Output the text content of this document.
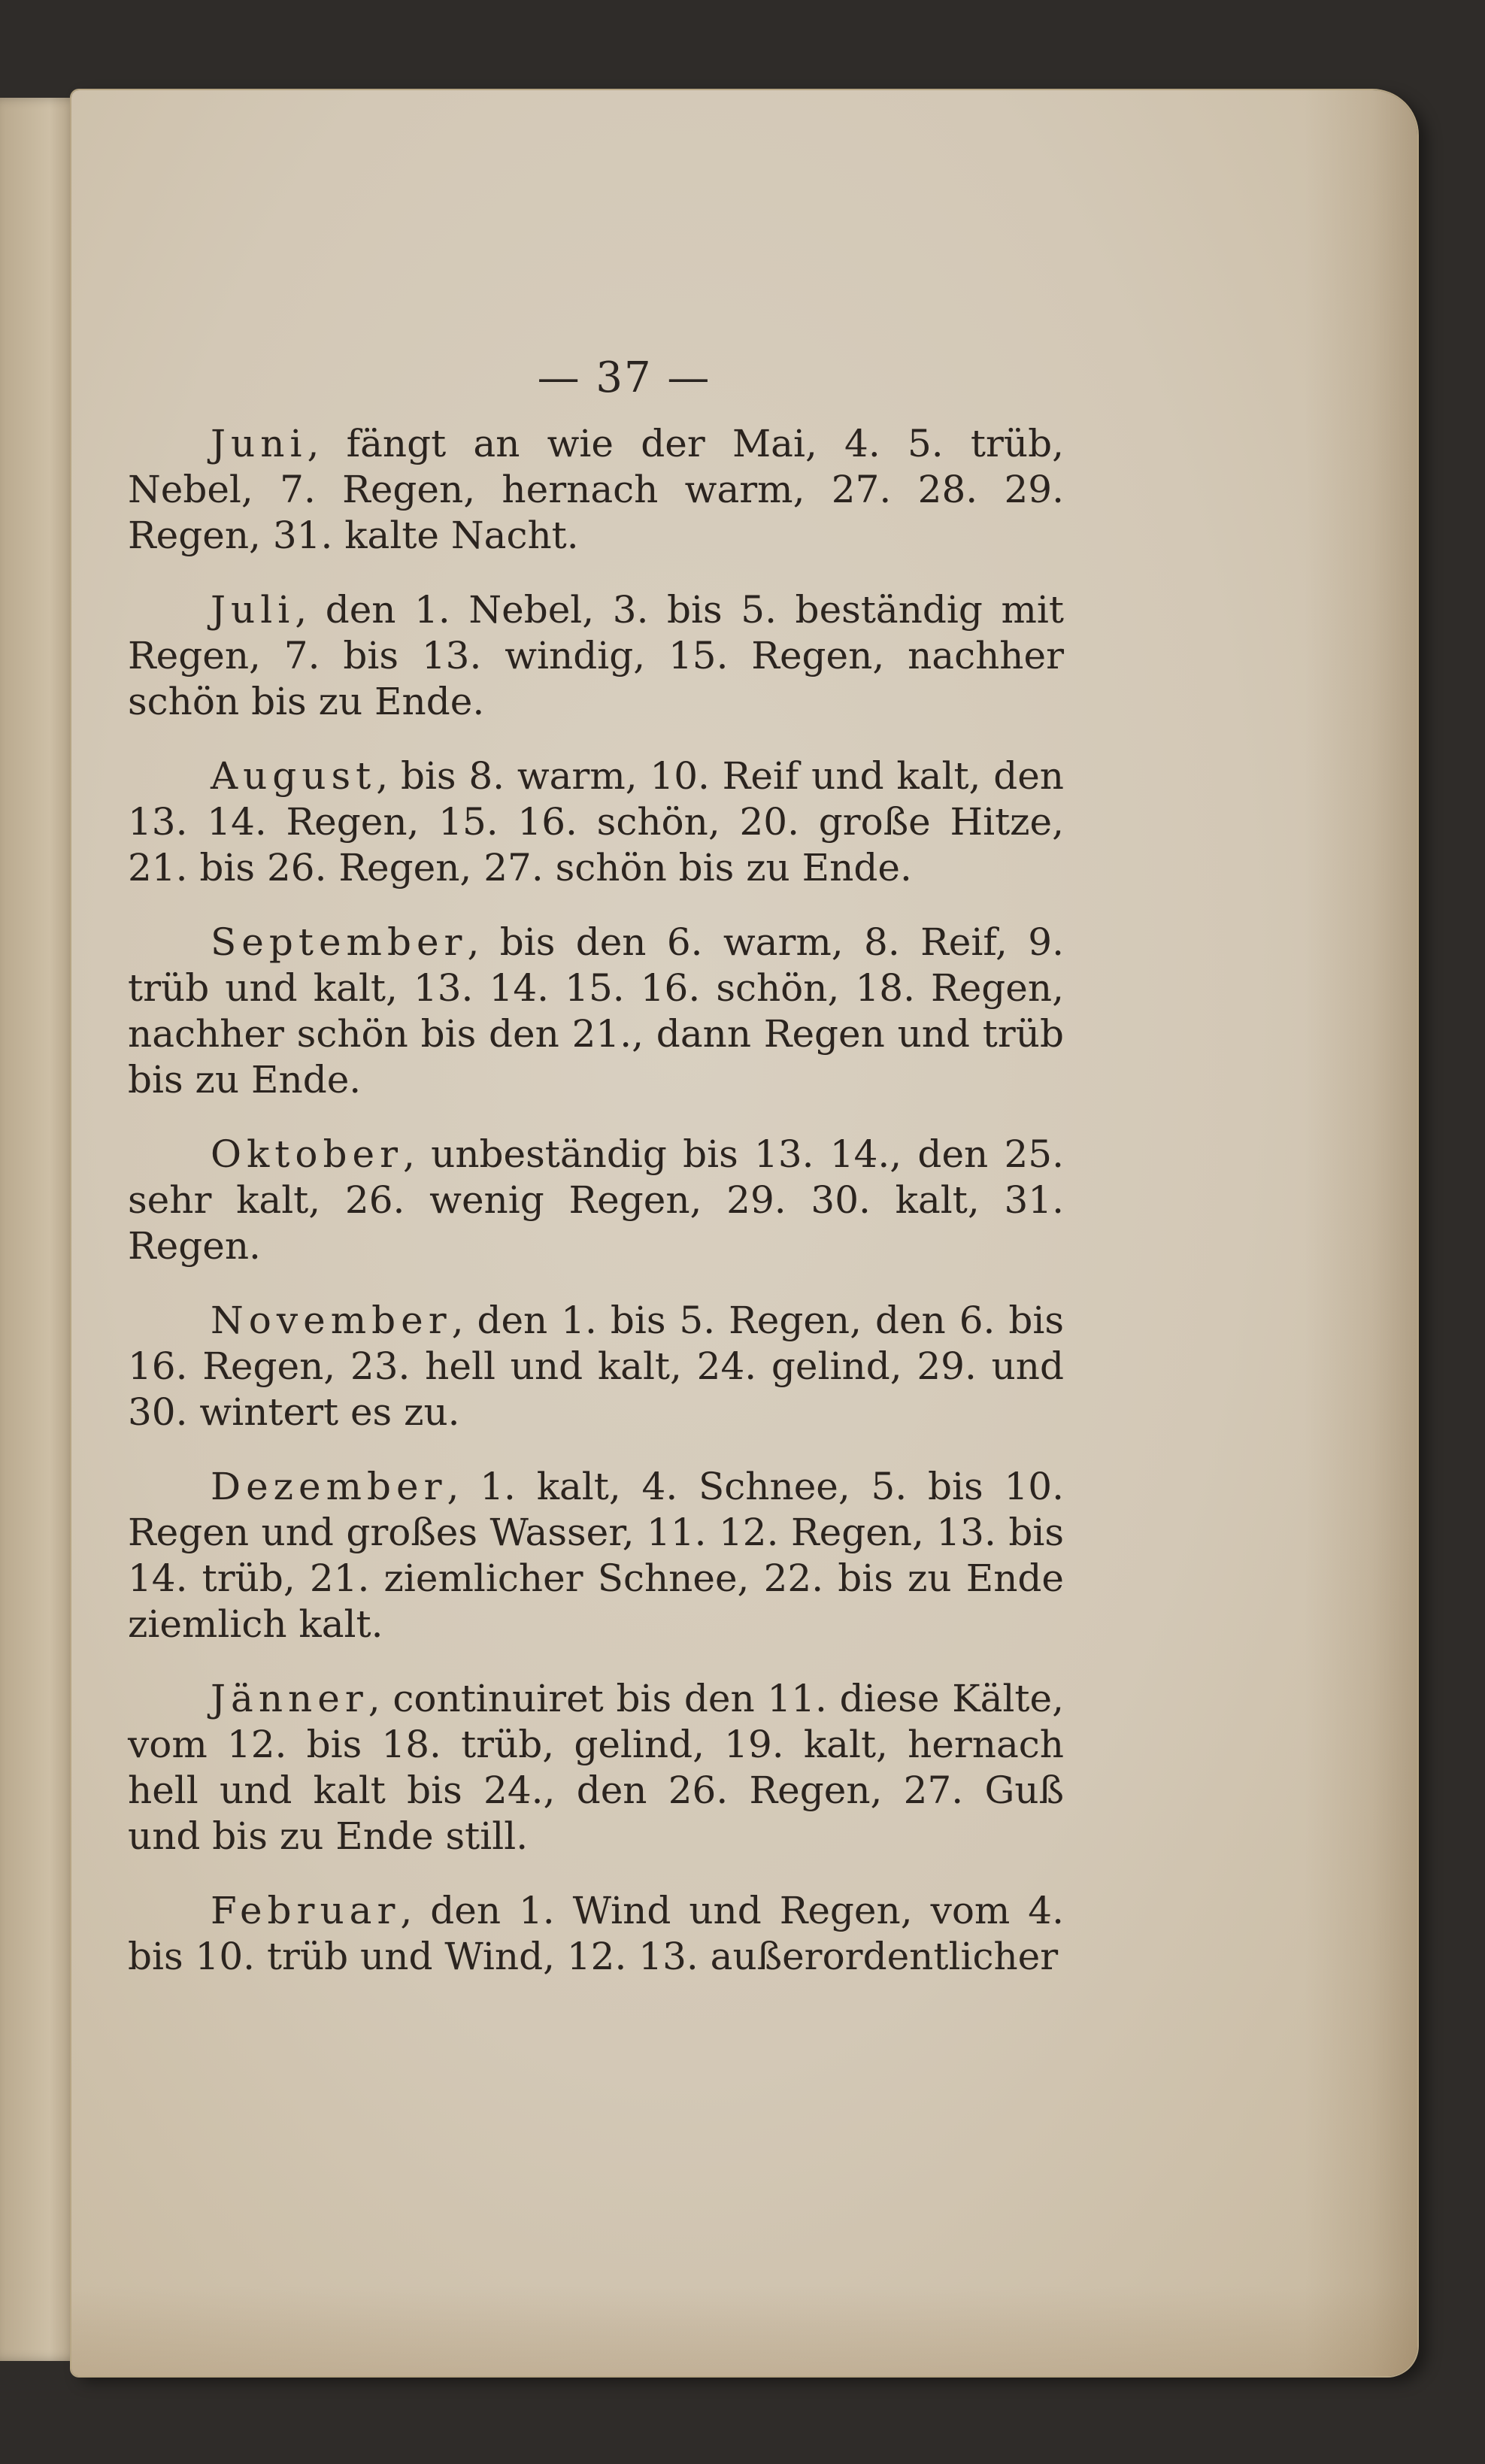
— 37 —

Juni, fängt an wie der Mai, 4. 5. trüb, Nebel, 7. Regen, hernach warm, 27. 28. 29. Regen, 31. kalte Nacht.

Juli, den 1. Nebel, 3. bis 5. beständig mit Regen, 7. bis 13. windig, 15. Regen, nachher schön bis zu Ende.

August, bis 8. warm, 10. Reif und kalt, den 13. 14. Regen, 15. 16. schön, 20. große Hitze, 21. bis 26. Regen, 27. schön bis zu Ende.

September, bis den 6. warm, 8. Reif, 9. trüb und kalt, 13. 14. 15. 16. schön, 18. Regen, nachher schön bis den 21., dann Regen und trüb bis zu Ende.

Oktober, unbeständig bis 13. 14., den 25. sehr kalt, 26. wenig Regen, 29. 30. kalt, 31. Regen.

November, den 1. bis 5. Regen, den 6. bis 16. Regen, 23. hell und kalt, 24. gelind, 29. und 30. wintert es zu.

Dezember, 1. kalt, 4. Schnee, 5. bis 10. Regen und großes Wasser, 11. 12. Regen, 13. bis 14. trüb, 21. ziemlicher Schnee, 22. bis zu Ende ziemlich kalt.

Jänner, continuiret bis den 11. diese Kälte, vom 12. bis 18. trüb, gelind, 19. kalt, hernach hell und kalt bis 24., den 26. Regen, 27. Guß und bis zu Ende still.

Februar, den 1. Wind und Regen, vom 4. bis 10. trüb und Wind, 12. 13. außerordentlicher
